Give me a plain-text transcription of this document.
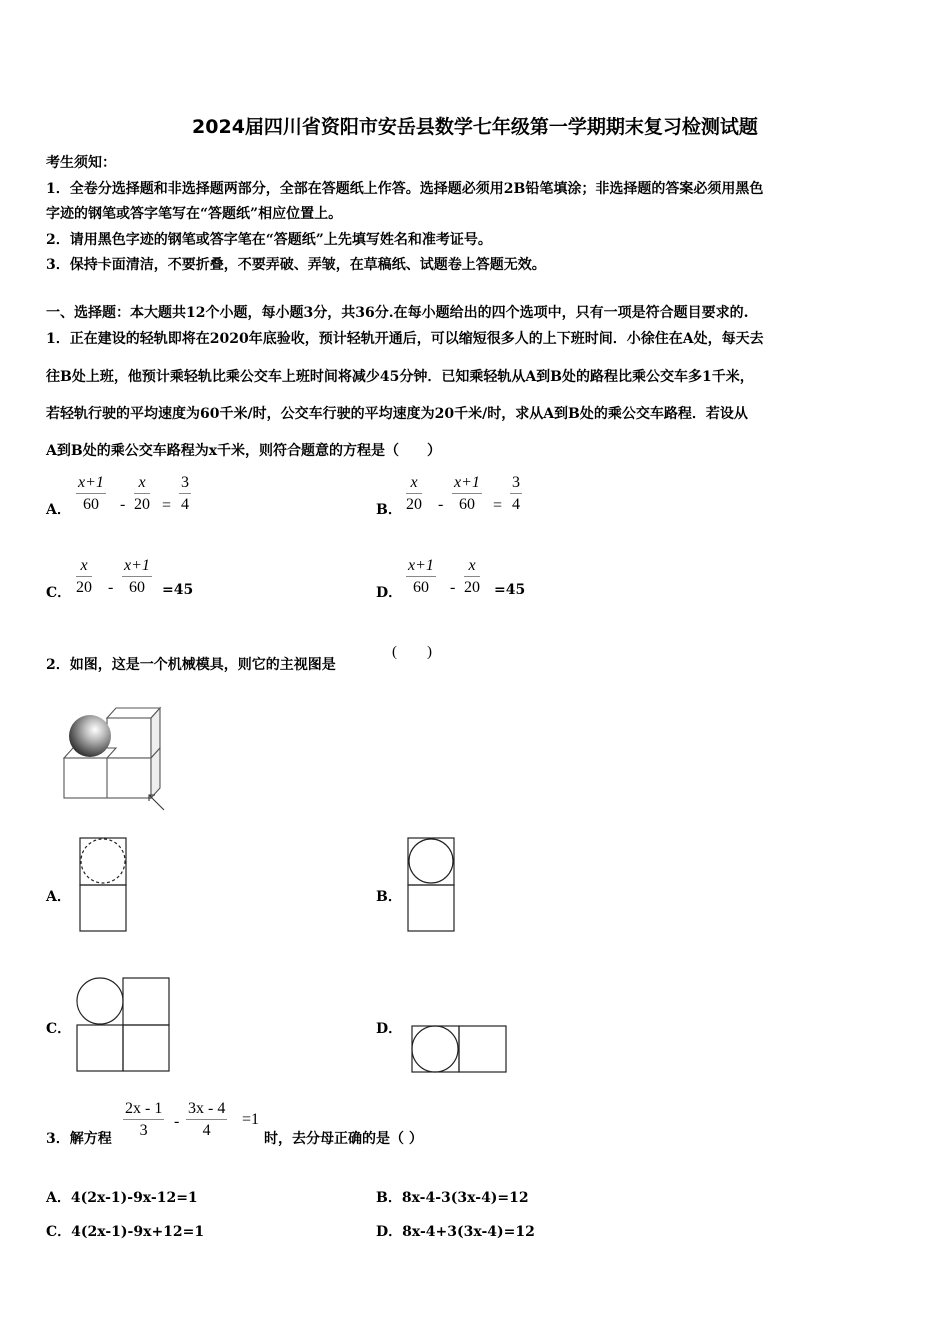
2024届四川省资阳市安岳县数学七年级第一学期期末复习检测试题
考生须知：
1．全卷分选择题和非选择题两部分，全部在答题纸上作答。选择题必须用2B铅笔填涂；非选择题的答案必须用黑色
字迹的钢笔或答字笔写在“答题纸”相应位置上。
2．请用黑色字迹的钢笔或答字笔在“答题纸”上先填写姓名和准考证号。
3．保持卡面清洁，不要折叠，不要弄破、弄皱，在草稿纸、试题卷上答题无效。
一、选择题：本大题共12个小题，每小题3分，共36分.在每小题给出的四个选项中，只有一项是符合题目要求的.
1．正在建设的轻轨即将在2020年底验收，预计轻轨开通后，可以缩短很多人的上下班时间．小徐住在A处，每天去
往B处上班，他预计乘轻轨比乘公交车上班时间将减少45分钟．已知乘轻轨从A到B处的路程比乘公交车多1千米，
若轻轨行驶的平均速度为60千米/时，公交车行驶的平均速度为20千米/时，求从A到B处的乘公交车路程．若设从
A到B处的乘公交车路程为x千米，则符合题意的方程是（　　）
A． $\frac{x+1}{60} - \frac{x}{20} = \frac{3}{4}$	B． $\frac{x}{20} - \frac{x+1}{60} = \frac{3}{4}$
C． $\frac{x}{20} - \frac{x+1}{60} =45$	D． $\frac{x+1}{60} - \frac{x}{20} =45$
2．如图，这是一个机械模具，则它的主视图是
(　　)
A．	B．
C．	D．
3．解方程 $\frac{2x - 1}{3} - \frac{3x - 4}{4} =1$
时，去分母正确的是（ ）
A．4(2x-1)-9x-12=1	B．8x-4-3(3x-4)=12
C．4(2x-1)-9x+12=1	D．8x-4+3(3x-4)=12
